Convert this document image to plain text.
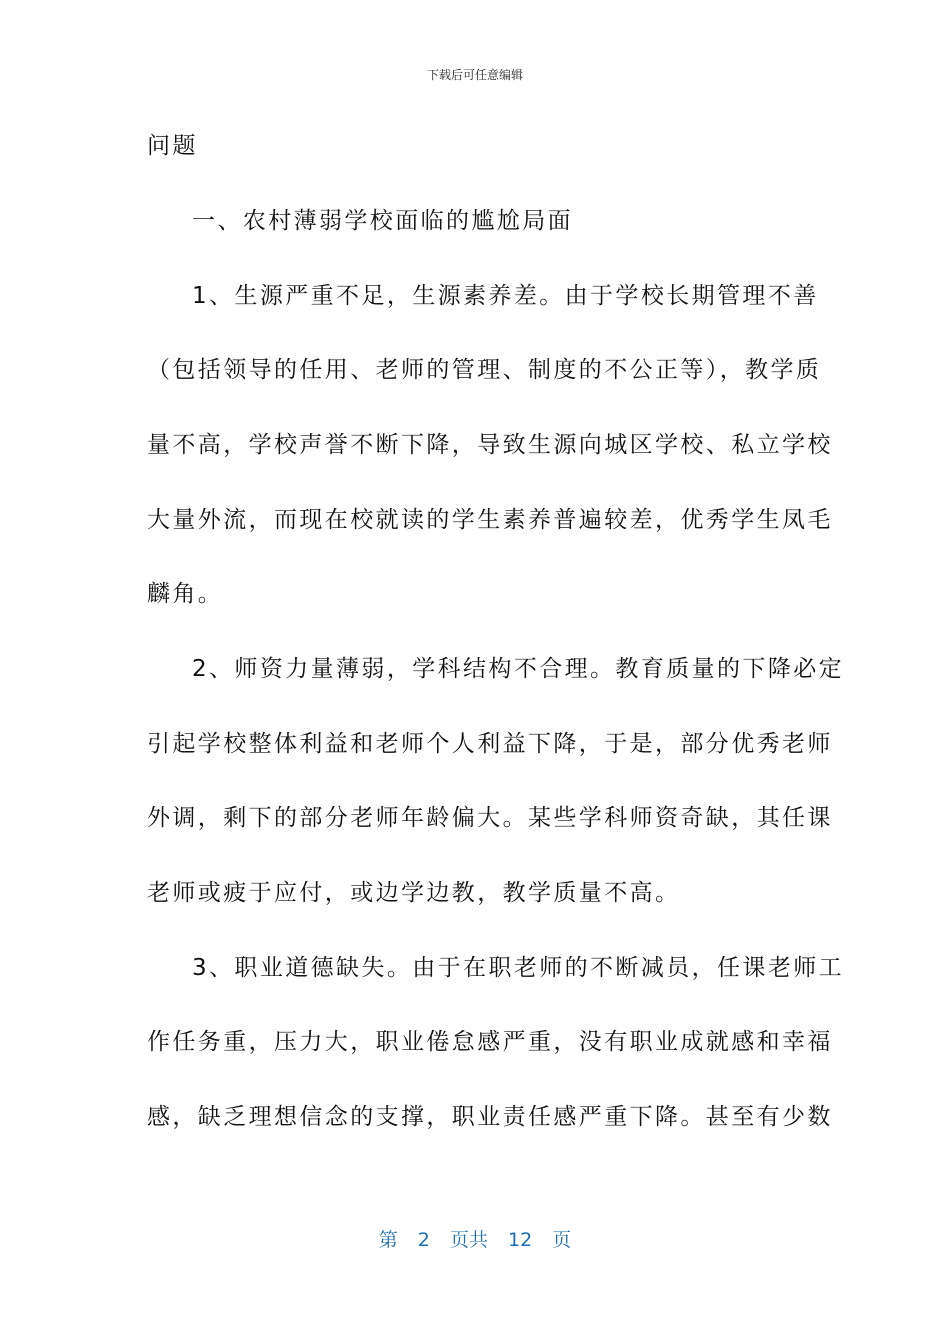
下载后可任意编辑
问题
一、农村薄弱学校面临的尴尬局面
1、生源严重不足，生源素养差。由于学校长期管理不善
（包括领导的任用、老师的管理、制度的不公正等），教学质
量不高，学校声誉不断下降，导致生源向城区学校、私立学校
大量外流，而现在校就读的学生素养普遍较差，优秀学生凤毛
麟角。
2、师资力量薄弱，学科结构不合理。教育质量的下降必定
引起学校整体利益和老师个人利益下降，于是，部分优秀老师
外调，剩下的部分老师年龄偏大。某些学科师资奇缺，其任课
老师或疲于应付，或边学边教，教学质量不高。
3、职业道德缺失。由于在职老师的不断减员，任课老师工
作任务重，压力大，职业倦怠感严重，没有职业成就感和幸福
感，缺乏理想信念的支撑，职业责任感严重下降。甚至有少数
第 2 页共 12 页
